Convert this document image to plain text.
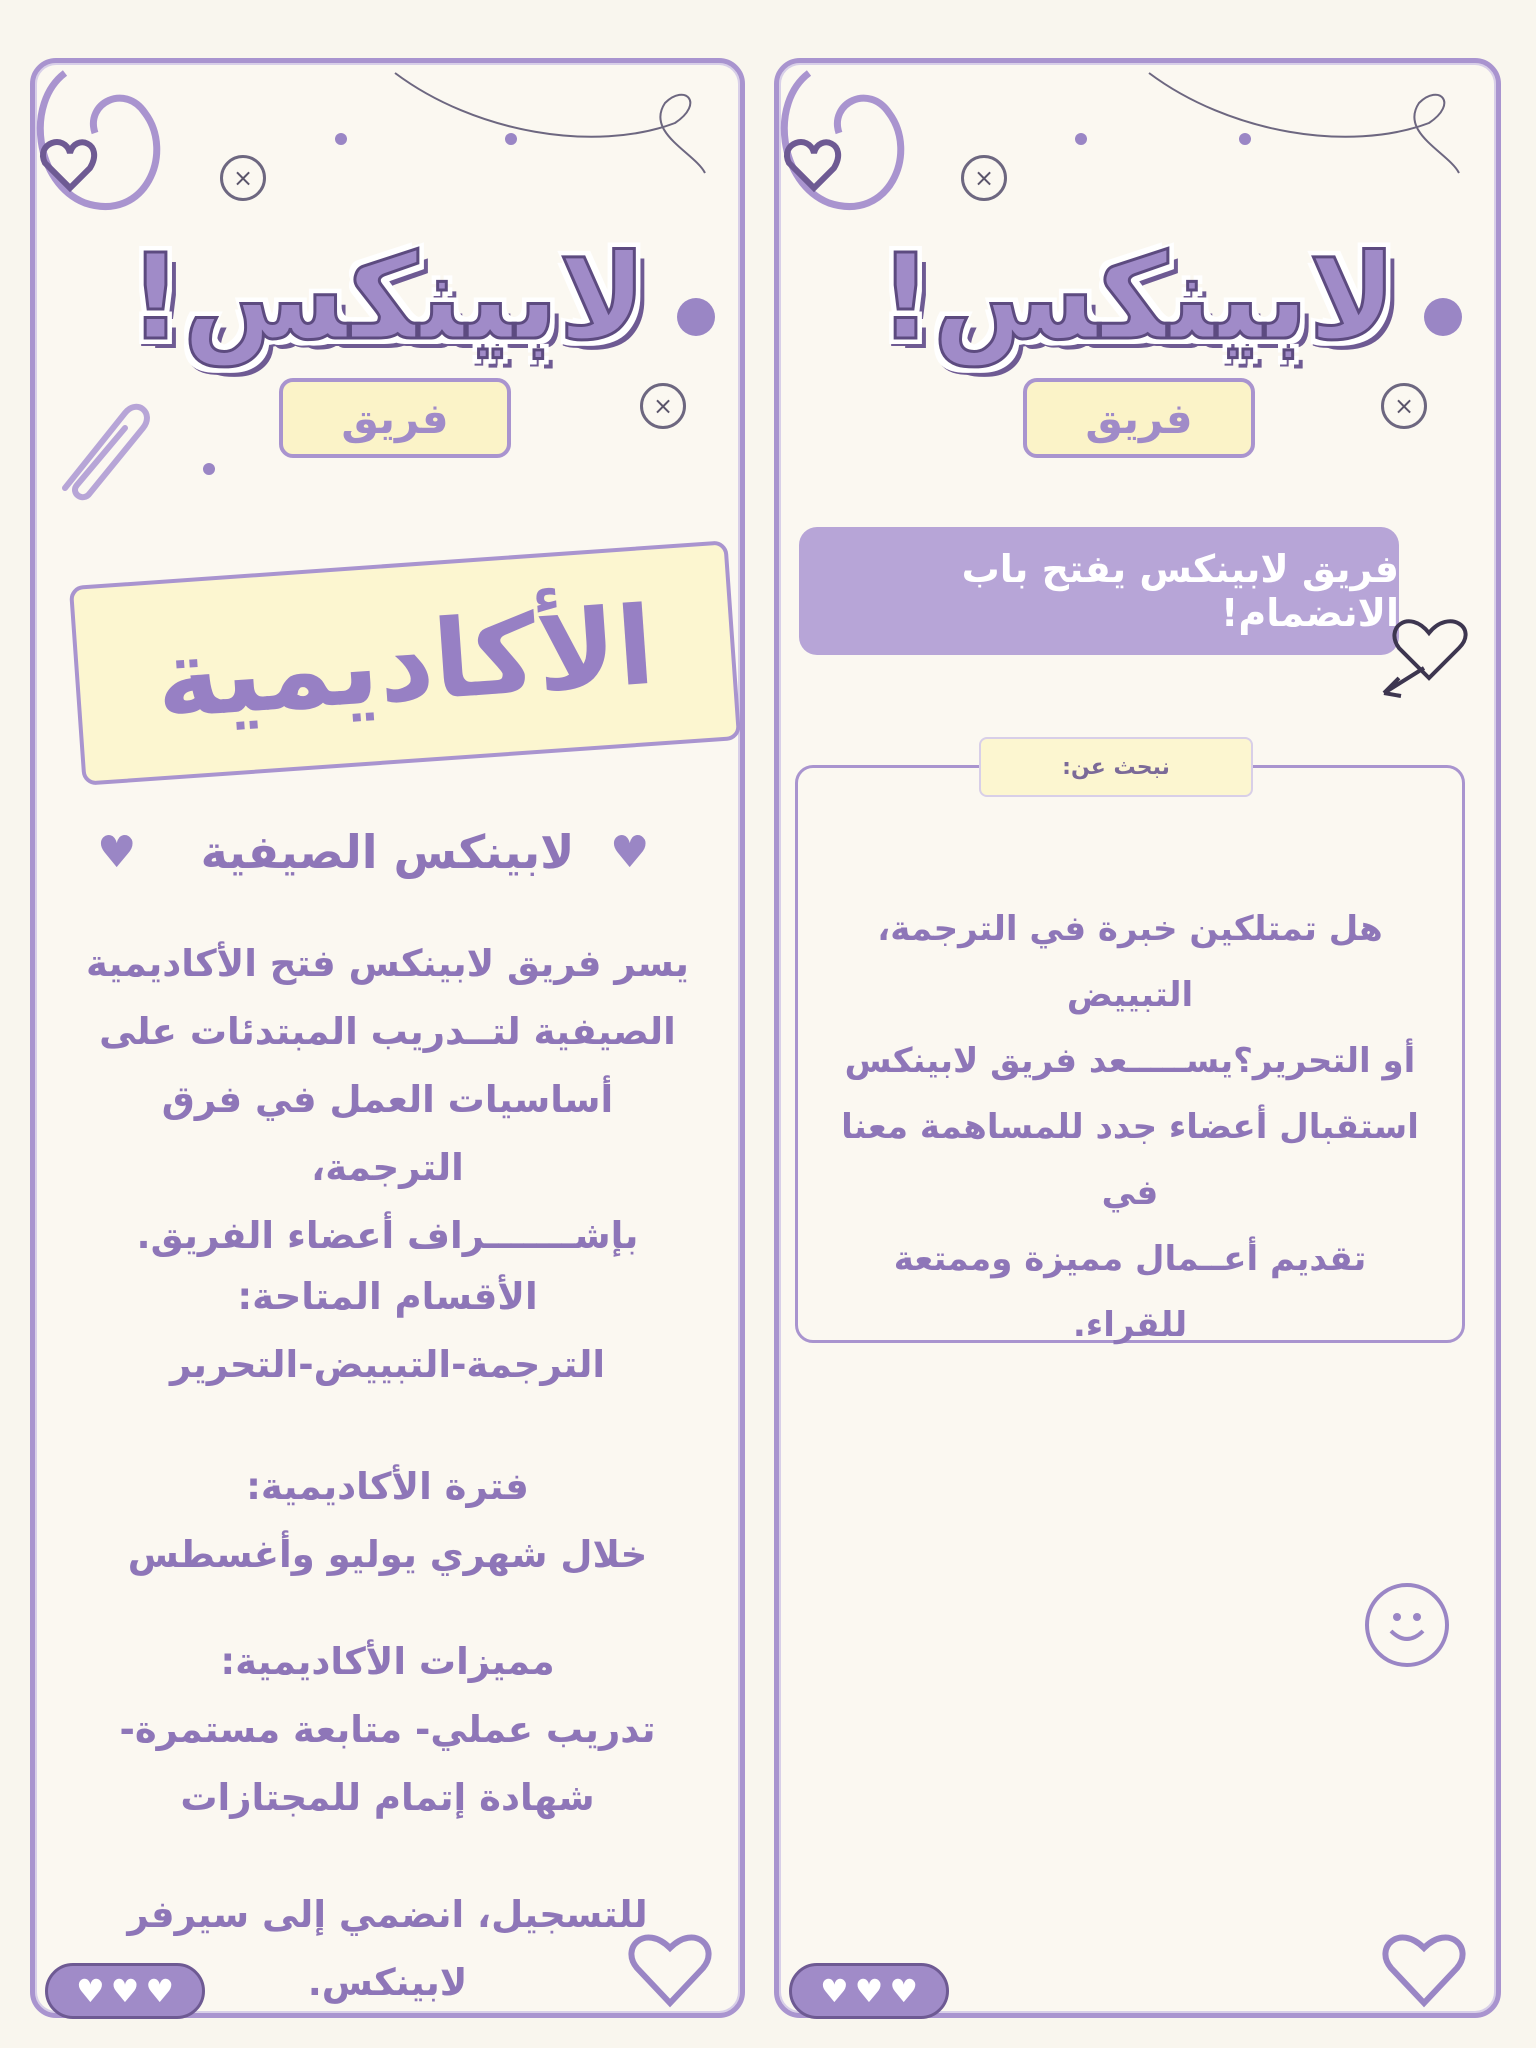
×
×
لابينكس!
فريق
الأكاديمية
♥	لابينكس الصيفية ♥

يسر فريق لابينكس فتح الأكاديمية

الصيفية لتــدريب المبتدئات على

أساسيات العمل في فرق الترجمة،

بإشـــــــراف أعضاء الفريق.

الأقسام المتاحة:

الترجمة-التبييض-التحرير

فترة الأكاديمية:

خلال شهري يوليو وأغسطس

مميزات الأكاديمية:

تدريب عملي- متابعة مستمرة-

شهادة إتمام للمجتازات

للتسجيل، انضمي إلى سيرفر لابينكس.
♥ ♥ ♥
×
×
لابينكس!
فريق
فريق لابينكس يفتح باب الانضمام!

هل تمتلكين خبرة في الترجمة، التبييض

أو التحرير؟يســـــعد فريق لابينكس

استقبال أعضاء جدد للمساهمة معنا في

تقديم أعــمال مميزة وممتعة للقراء.

نبحث عن:
♥ ♥ ♥
